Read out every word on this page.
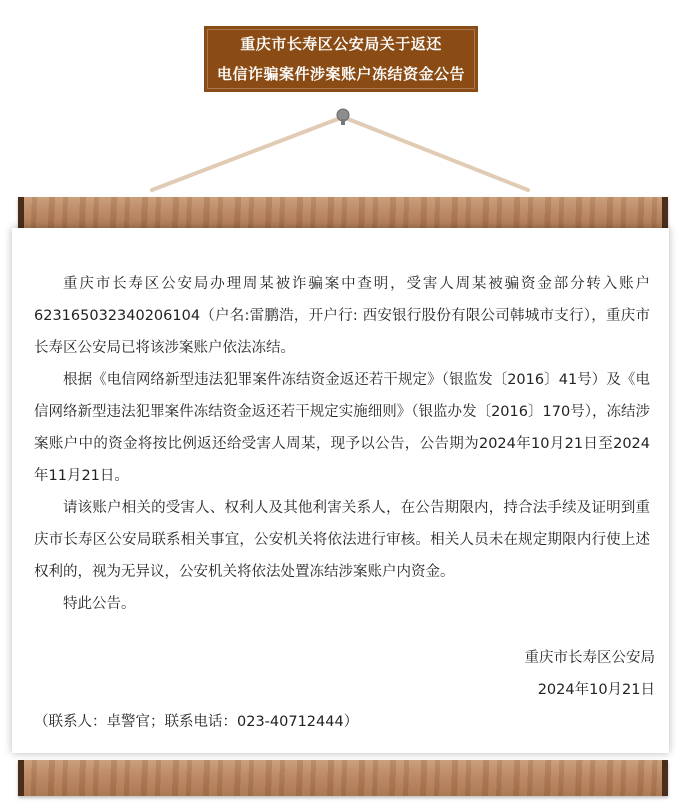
重庆市长寿区公安局关于返还
电信诈骗案件涉案账户冻结资金公告

重庆市长寿区公安局办理周某被诈骗案中查明，受害人周某被骗资金部分转入账户623165032340206104（户名:雷鹏浩，开户行: 西安银行股份有限公司韩城市支行），重庆市长寿区公安局已将该涉案账户依法冻结。

根据《电信网络新型违法犯罪案件冻结资金返还若干规定》（银监发〔2016〕41号）及《电信网络新型违法犯罪案件冻结资金返还若干规定实施细则》（银监办发〔2016〕170号），冻结涉案账户中的资金将按比例返还给受害人周某，现予以公告，公告期为2024年10月21日至2024年11月21日。

请该账户相关的受害人、权利人及其他利害关系人，在公告期限内，持合法手续及证明到重庆市长寿区公安局联系相关事宜，公安机关将依法进行审核。相关人员未在规定期限内行使上述权利的，视为无异议，公安机关将依法处置冻结涉案账户内资金。

特此公告。

重庆市长寿区公安局
2024年10月21日
（联系人：卓警官；联系电话：023-40712444）
